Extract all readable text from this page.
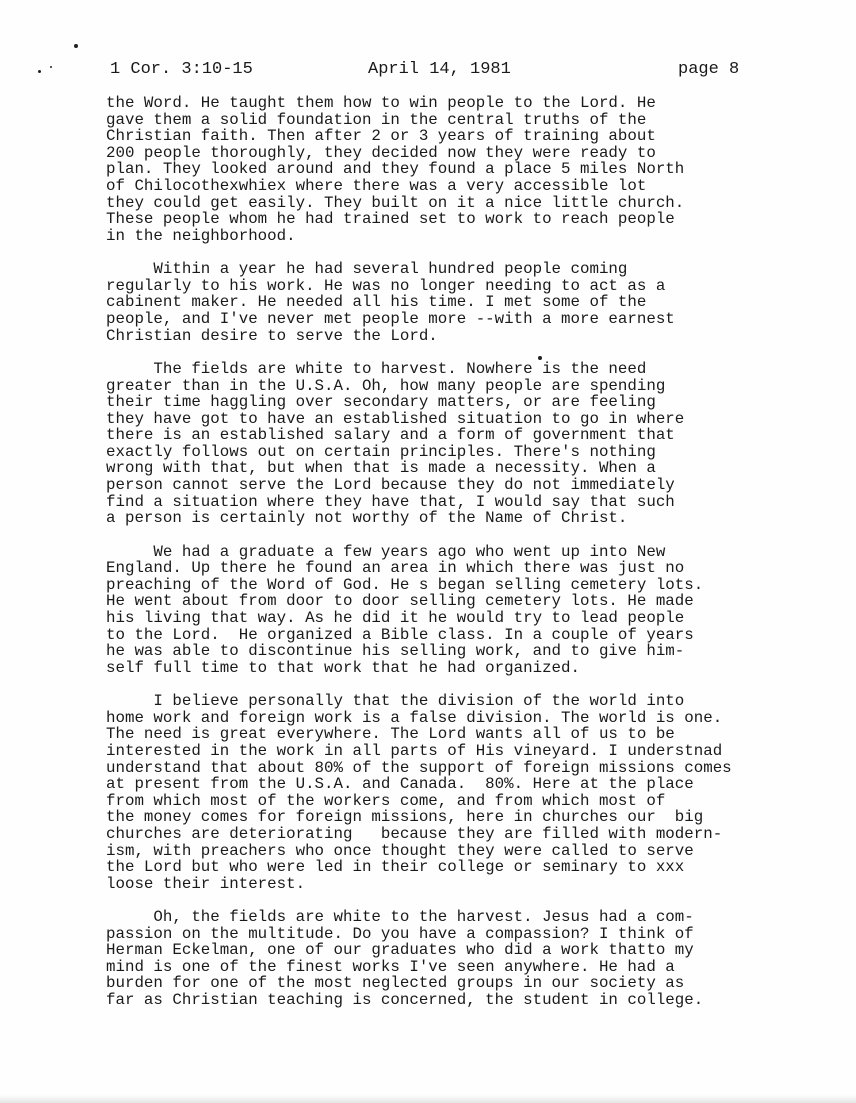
1 Cor. 3:10-15	April 14, 1981	page 8
the Word. He taught them how to win people to the Lord. He
gave them a solid foundation in the central truths of the
Christian faith. Then after 2 or 3 years of training about
200 people thoroughly, they decided now they were ready to
plan. They looked around and they found a place 5 miles North
of Chilocothexwhiex where there was a very accessible lot
they could get easily. They built on it a nice little church.
These people whom he had trained set to work to reach people
in the neighborhood.
Within a year he had several hundred people coming
regularly to his work. He was no longer needing to act as a
cabinent maker. He needed all his time. I met some of the
people, and I've never met people more --with a more earnest
Christian desire to serve the Lord.
The fields are white to harvest. Nowhere is the need
greater than in the U.S.A. Oh, how many people are spending
their time haggling over secondary matters, or are feeling
they have got to have an established situation to go in where
there is an established salary and a form of government that
exactly follows out on certain principles. There's nothing
wrong with that, but when that is made a necessity. When a
person cannot serve the Lord because they do not immediately
find a situation where they have that, I would say that such
a person is certainly not worthy of the Name of Christ.
We had a graduate a few years ago who went up into New
England. Up there he found an area in which there was just no
preaching of the Word of God. He s began selling cemetery lots.
He went about from door to door selling cemetery lots. He made
his living that way. As he did it he would try to lead people
to the Lord.  He organized a Bible class. In a couple of years
he was able to discontinue his selling work, and to give him-
self full time to that work that he had organized.
I believe personally that the division of the world into
home work and foreign work is a false division. The world is one.
The need is great everywhere. The Lord wants all of us to be
interested in the work in all parts of His vineyard. I understnad
understand that about 80% of the support of foreign missions comes
at present from the U.S.A. and Canada.  80%. Here at the place
from which most of the workers come, and from which most of
the money comes for foreign missions, here in churches our  big
churches are deteriorating   because they are filled with modern-
ism, with preachers who once thought they were called to serve
the Lord but who were led in their college or seminary to xxx
loose their interest.
Oh, the fields are white to the harvest. Jesus had a com-
passion on the multitude. Do you have a compassion? I think of
Herman Eckelman, one of our graduates who did a work thatto my
mind is one of the finest works I've seen anywhere. He had a
burden for one of the most neglected groups in our society as
far as Christian teaching is concerned, the student in college.
